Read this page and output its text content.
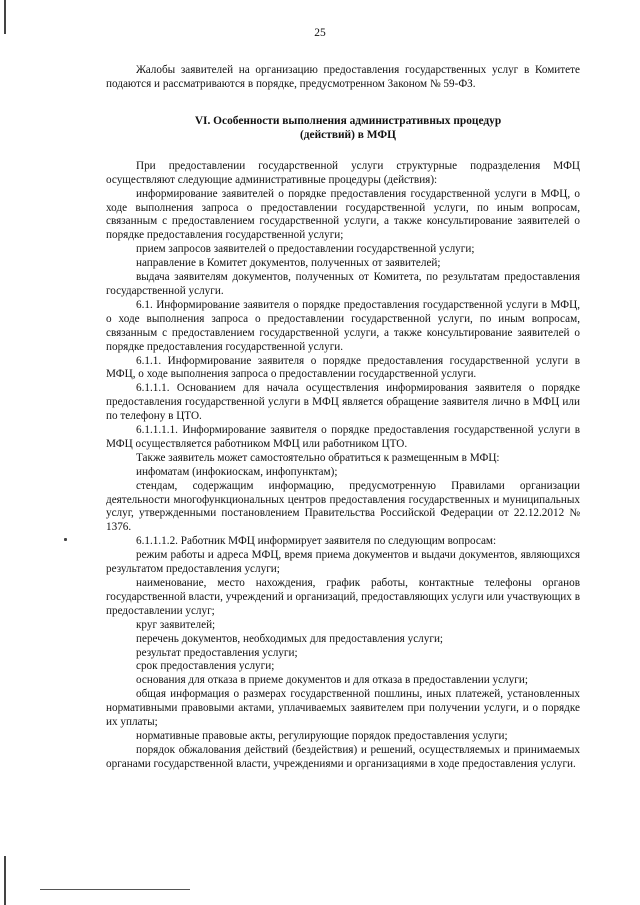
25

Жалобы заявителей на организацию предоставления государственных услуг в Комитете подаются и рассматриваются в порядке, предусмотренном Законом № 59-ФЗ.

VI. Особенности выполнения административных процедур
(действий) в МФЦ

При предоставлении государственной услуги структурные подразделения МФЦ осуществляют следующие административные процедуры (действия):

информирование заявителей о порядке предоставления государственной услуги в МФЦ, о ходе выполнения запроса о предоставлении государственной услуги, по иным вопросам, связанным с предоставлением государственной услуги, а также консультирование заявителей о порядке предоставления государственной услуги;

прием запросов заявителей о предоставлении государственной услуги;

направление в Комитет документов, полученных от заявителей;

выдача заявителям документов, полученных от Комитета, по результатам предоставления государственной услуги.

6.1. Информирование заявителя о порядке предоставления государственной услуги в МФЦ, о ходе выполнения запроса о предоставлении государственной услуги, по иным вопросам, связанным с предоставлением государственной услуги, а также консультирование заявителей о порядке предоставления государственной услуги.

6.1.1. Информирование заявителя о порядке предоставления государственной услуги в МФЦ, о ходе выполнения запроса о предоставлении государственной услуги.

6.1.1.1. Основанием для начала осуществления информирования заявителя о порядке предоставления государственной услуги в МФЦ является обращение заявителя лично в МФЦ или по телефону в ЦТО.

6.1.1.1.1. Информирование заявителя о порядке предоставления государственной услуги в МФЦ осуществляется работником МФЦ или работником ЦТО.

Также заявитель может самостоятельно обратиться к размещенным в МФЦ:

инфоматам (инфокиоскам, инфопунктам);

стендам, содержащим информацию, предусмотренную Правилами организации деятельности многофункциональных центров предоставления государственных и муниципальных услуг, утвержденными постановлением Правительства Российской Федерации от 22.12.2012 № 1376.

6.1.1.1.2. Работник МФЦ информирует заявителя по следующим вопросам:

режим работы и адреса МФЦ, время приема документов и выдачи документов, являющихся результатом предоставления услуги;

наименование, место нахождения, график работы, контактные телефоны органов государственной власти, учреждений и организаций, предоставляющих услуги или участвующих в предоставлении услуг;

круг заявителей;

перечень документов, необходимых для предоставления услуги;

результат предоставления услуги;

срок предоставления услуги;

основания для отказа в приеме документов и для отказа в предоставлении услуги;

общая информация о размерах государственной пошлины, иных платежей, установленных нормативными правовыми актами, уплачиваемых заявителем при получении услуги, и о порядке их уплаты;

нормативные правовые акты, регулирующие порядок предоставления услуги;

порядок обжалования действий (бездействия) и решений, осуществляемых и принимаемых органами государственной власти, учреждениями и организациями в ходе предоставления услуги.
